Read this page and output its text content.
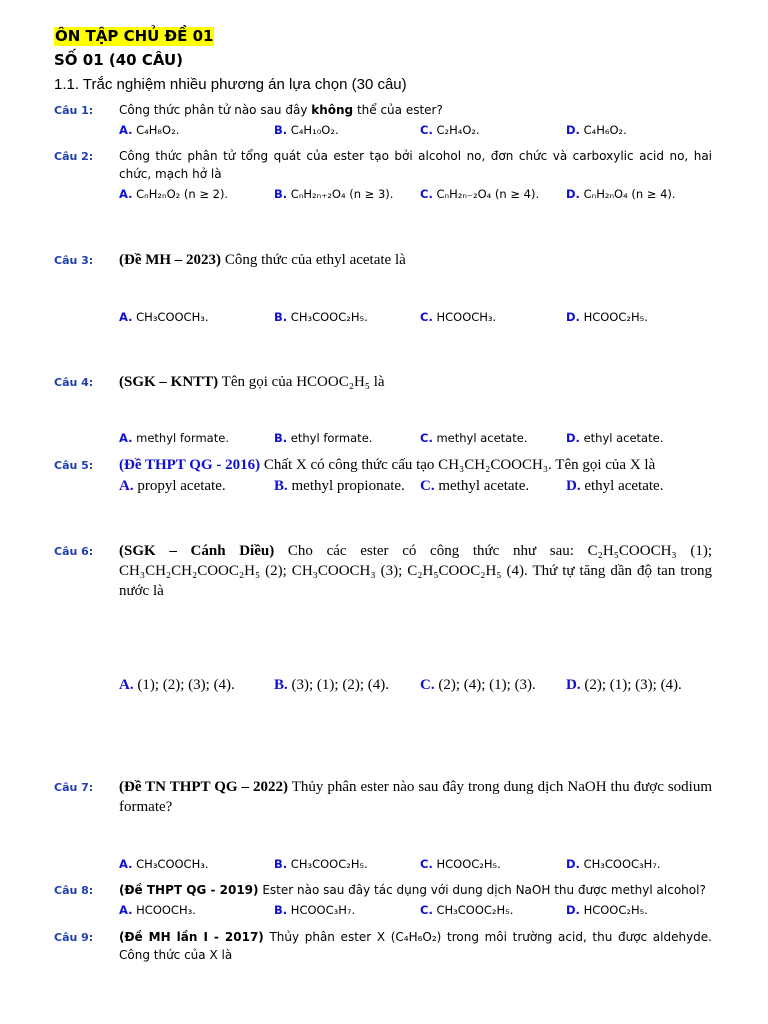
ÔN TẬP CHỦ ĐỀ 01
SỐ 01 (40 CÂU)
1.1. Trắc nghiệm nhiều phương án lựa chọn (30 câu)
Câu 1: Công thức phân tử nào sau đây không thể của ester?
A. C₄H₈O₂.	B. C₄H₁₀O₂.	C. C₂H₄O₂.	D. C₄H₆O₂.
Câu 2: Công thức phân tử tổng quát của ester tạo bởi alcohol no, đơn chức và carboxylic acid no, hai chức, mạch hở là
A. CₙH₂ₙO₂ (n ≥ 2).	B. CₙH₂ₙ₊₂O₄ (n ≥ 3). C. CₙH₂ₙ₋₂O₄ (n ≥ 4). D. CₙH₂ₙO₄ (n ≥ 4).
Câu 3: (Đề MH – 2023) Công thức của ethyl acetate là
A. CH₃COOCH₃.	B. CH₃COOC₂H₅.	C. HCOOCH₃.	D. HCOOC₂H₅.
Câu 4: (SGK – KNTT) Tên gọi của HCOOC₂H₅ là
A. methyl formate.	B. ethyl formate.	C. methyl acetate.	D. ethyl acetate.
Câu 5: (Đề THPT QG - 2016) Chất X có công thức cấu tạo CH₃CH₂COOCH₃. Tên gọi của X là
A. propyl acetate.	B. methyl propionate. C. methyl acetate. D. ethyl acetate.
Câu 6: (SGK – Cánh Diều) Cho các ester có công thức như sau: C₂H₅COOCH₃ (1); CH₃CH₂CH₂COOC₂H₅ (2); CH₃COOCH₃ (3); C₂H₅COOC₂H₅ (4). Thứ tự tăng dần độ tan trong nước là
A. (1); (2); (3); (4).	B. (3); (1); (2); (4). C. (2); (4); (1); (3). D. (2); (1); (3); (4).
Câu 7: (Đề TN THPT QG – 2022) Thủy phân ester nào sau đây trong dung dịch NaOH thu được sodium formate?
A. CH₃COOCH₃.	B. CH₃COOC₂H₅.	C. HCOOC₂H₅.	D. CH₃COOC₃H₇.
Câu 8: (Đề THPT QG - 2019) Ester nào sau đây tác dụng với dung dịch NaOH thu được methyl alcohol?
A. HCOOCH₃.	B. HCOOC₃H₇.	C. CH₃COOC₂H₅.	D. HCOOC₂H₅.
Câu 9: (Đề MH lần I - 2017) Thủy phân ester X (C₄H₆O₂) trong môi trường acid, thu được aldehyde. Công thức của X là
